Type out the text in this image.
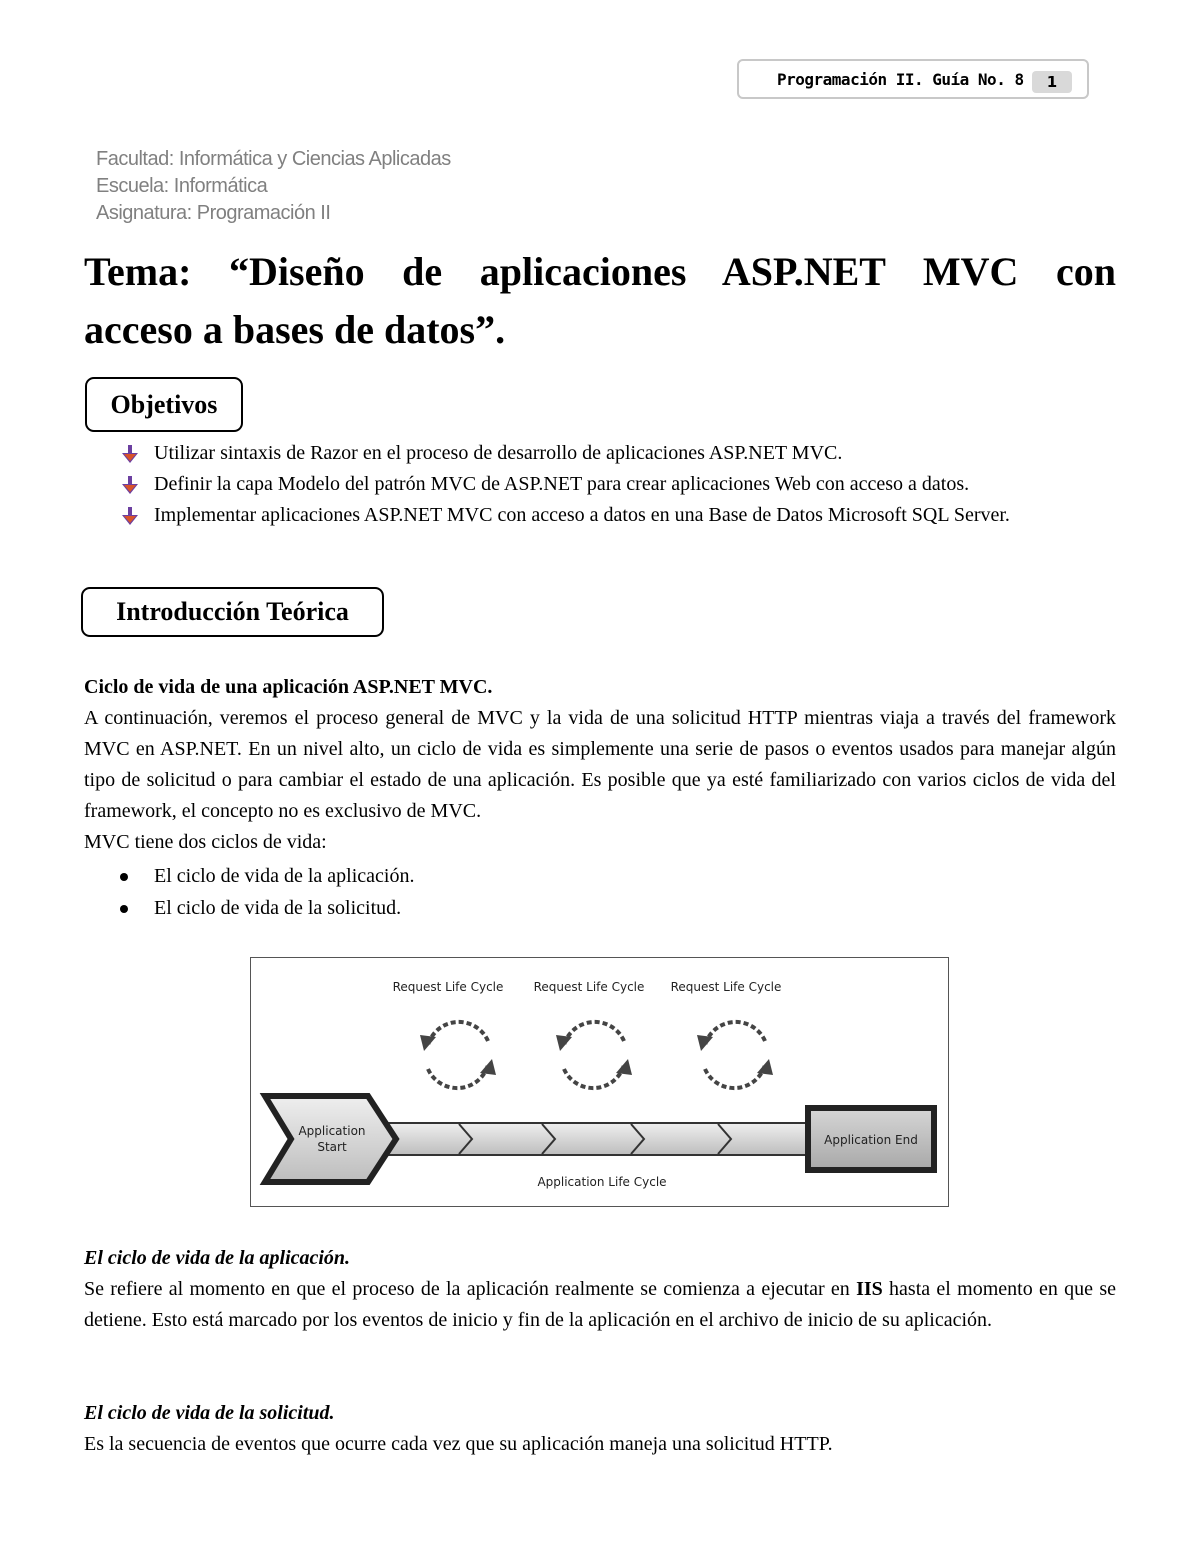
Programación II. Guía No. 8	1
Facultad: Informática y Ciencias Aplicadas
Escuela: Informática
Asignatura: Programación II
Tema: “Diseño de aplicaciones ASP.NET MVC con
acceso a bases de datos”.
Objetivos
Utilizar sintaxis de Razor en el proceso de desarrollo de aplicaciones ASP.NET MVC.
Definir la capa Modelo del patrón MVC de ASP.NET para crear aplicaciones Web con acceso a datos.
Implementar aplicaciones ASP.NET MVC con acceso a datos en una Base de Datos Microsoft SQL Server.
Introducción Teórica

Ciclo de vida de una aplicación ASP.NET MVC.

A continuación, veremos el proceso general de MVC y la vida de una solicitud HTTP mientras viaja a través del framework MVC en ASP.NET. En un nivel alto, un ciclo de vida es simplemente una serie de pasos o eventos usados para manejar algún tipo de solicitud o para cambiar el estado de una aplicación. Es posible que ya esté familiarizado con varios ciclos de vida del framework, el concepto no es exclusivo de MVC.

MVC tiene dos ciclos de vida:

El ciclo de vida de la aplicación.
El ciclo de vida de la solicitud.
Request Life Cycle	Request Life Cycle Request Life Cycle
Application
Start	Application End
Application Life Cycle

El ciclo de vida de la aplicación.

Se refiere al momento en que el proceso de la aplicación realmente se comienza a ejecutar en IIS hasta el momento en que se detiene. Esto está marcado por los eventos de inicio y fin de la aplicación en el archivo de inicio de su aplicación.

El ciclo de vida de la solicitud.

Es la secuencia de eventos que ocurre cada vez que su aplicación maneja una solicitud HTTP.
